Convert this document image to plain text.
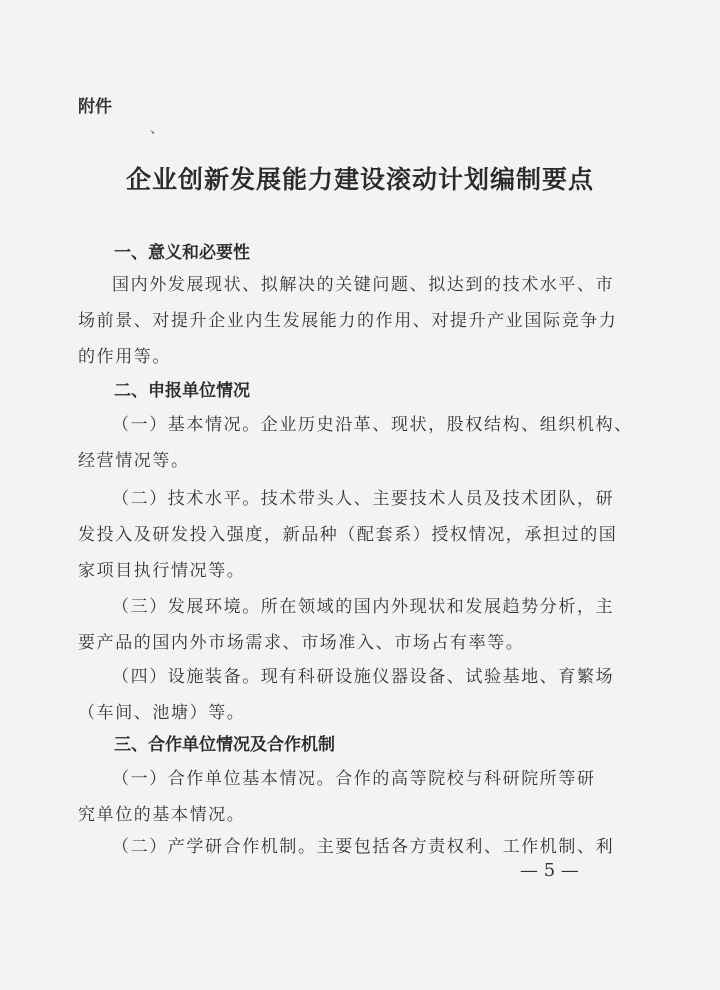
附件
、
企业创新发展能力建设滚动计划编制要点
一、意义和必要性
国内外发展现状、拟解决的关键问题、拟达到的技术水平、市
场前景、对提升企业内生发展能力的作用、对提升产业国际竞争力
的作用等。
二、申报单位情况
（一）基本情况。企业历史沿革、现状，股权结构、组织机构、
经营情况等。
（二）技术水平。技术带头人、主要技术人员及技术团队，研
发投入及研发投入强度，新品种（配套系）授权情况，承担过的国
家项目执行情况等。
（三）发展环境。所在领域的国内外现状和发展趋势分析，主
要产品的国内外市场需求、市场准入、市场占有率等。
（四）设施装备。现有科研设施仪器设备、试验基地、育繁场
（车间、池塘）等。
三、合作单位情况及合作机制
（一）合作单位基本情况。合作的高等院校与科研院所等研
究单位的基本情况。
（二）产学研合作机制。主要包括各方责权利、工作机制、利
— 5 —
